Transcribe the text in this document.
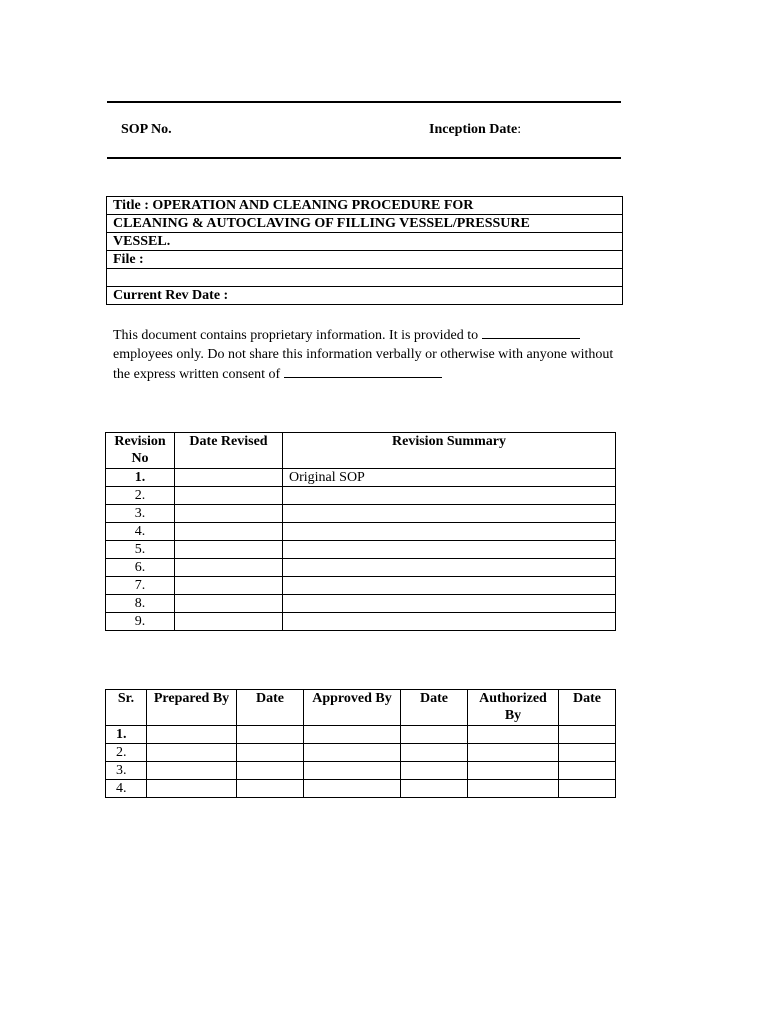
SOP No.	Inception Date:
Title : OPERATION AND CLEANING PROCEDURE FOR
CLEANING & AUTOCLAVING OF FILLING VESSEL/PRESSURE
VESSEL.
File :

Current Rev Date :
This document contains proprietary information. It is provided to
employees only. Do not share this information verbally or otherwise with anyone without
the express written consent of
Revision No	Date Revised	Revision Summary
1.		Original SOP
2.		
3.		
4.		
5.		
6.		
7.		
8.		
9.		
Sr.	Prepared By	Date	Approved By	Date	Authorized By	Date
1.						
2.						
3.						
4.						
